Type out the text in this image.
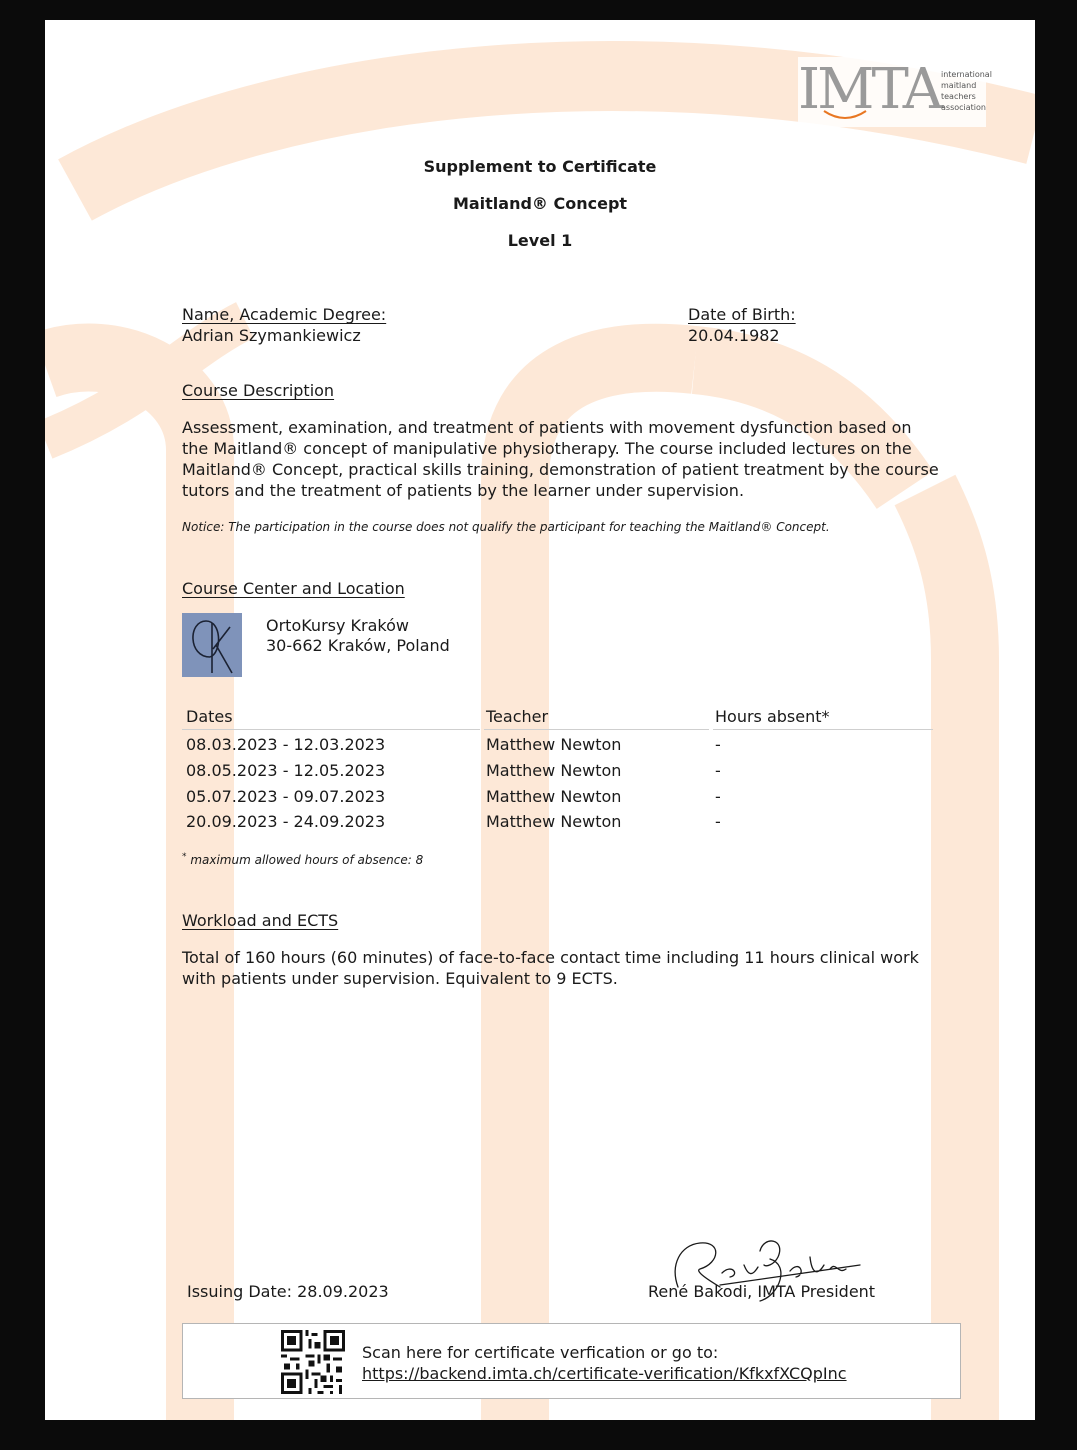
IMTA international
maitland
teachers
association
Supplement to Certificate
Maitland® Concept
Level 1
Name, Academic Degree:
Adrian Szymankiewicz
Date of Birth:
20.04.1982
Course Description
Assessment, examination, and treatment of patients with movement dysfunction based on the Maitland® concept of manipulative physiotherapy. The course included lectures on the Maitland® Concept, practical skills training, demonstration of patient treatment by the course tutors and the treatment of patients by the learner under supervision.
Notice: The participation in the course does not qualify the participant for teaching the Maitland® Concept.
Course Center and Location
OrtoKursy Kraków
30-662 Kraków, Poland
Dates	Teacher	Hours absent*
08.03.2023 - 12.03.2023	Matthew Newton	-
08.05.2023 - 12.05.2023	Matthew Newton	-
05.07.2023 - 09.07.2023	Matthew Newton	-
20.09.2023 - 24.09.2023	Matthew Newton	-
* maximum allowed hours of absence: 8
Workload and ECTS
Total of 160 hours (60 minutes) of face-to-face contact time including 11 hours clinical work with patients under supervision. Equivalent to 9 ECTS.
Issuing Date: 28.09.2023	René Bakodi, IMTA President
Scan here for certificate verfication or go to:
https://backend.imta.ch/certificate-verification/KfkxfXCQpInc
